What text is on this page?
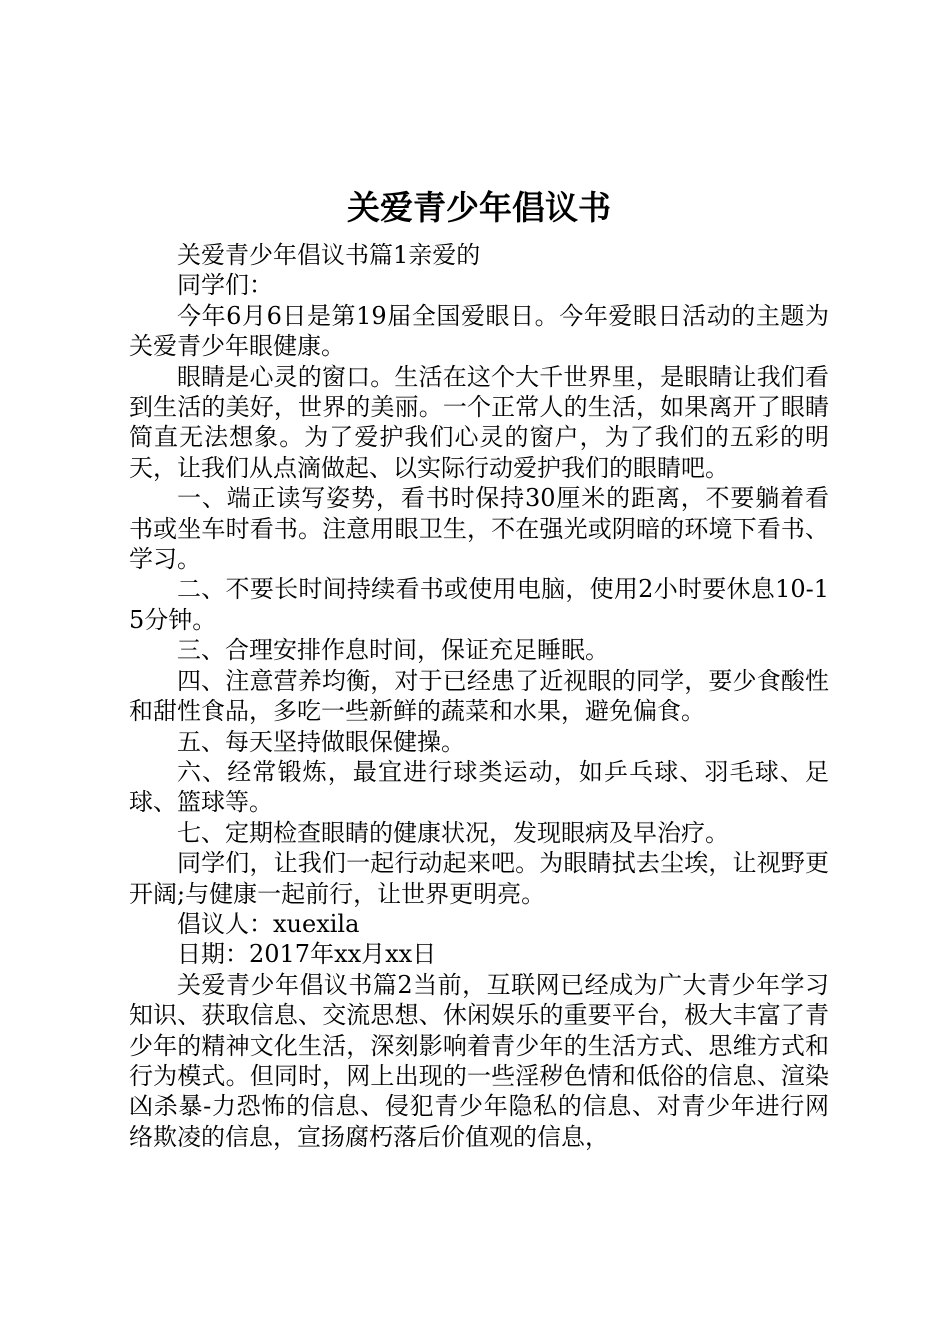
关爱青少年倡议书

关爱青少年倡议书篇1亲爱的

同学们：

今年6月6日是第19届全国爱眼日。今年爱眼日活动的主题为关爱青少年眼健康。

眼睛是心灵的窗口。生活在这个大千世界里，是眼睛让我们看到生活的美好，世界的美丽。一个正常人的生活，如果离开了眼睛简直无法想象。为了爱护我们心灵的窗户，为了我们的五彩的明天，让我们从点滴做起、以实际行动爱护我们的眼睛吧。

一、端正读写姿势，看书时保持30厘米的距离，不要躺着看书或坐车时看书。注意用眼卫生，不在强光或阴暗的环境下看书、学习。

二、不要长时间持续看书或使用电脑，使用2小时要休息10-15分钟。

三、合理安排作息时间，保证充足睡眠。

四、注意营养均衡，对于已经患了近视眼的同学，要少食酸性和甜性食品，多吃一些新鲜的蔬菜和水果，避免偏食。

五、每天坚持做眼保健操。

六、经常锻炼，最宜进行球类运动，如乒乓球、羽毛球、足球、篮球等。

七、定期检查眼睛的健康状况，发现眼病及早治疗。

同学们，让我们一起行动起来吧。为眼睛拭去尘埃，让视野更开阔;与健康一起前行，让世界更明亮。

倡议人：xuexila

日期：2017年xx月xx日

关爱青少年倡议书篇2当前，互联网已经成为广大青少年学习知识、获取信息、交流思想、休闲娱乐的重要平台，极大丰富了青少年的精神文化生活，深刻影响着青少年的生活方式、思维方式和行为模式。但同时，网上出现的一些淫秽色情和低俗的信息、渲染凶杀暴-力恐怖的信息、侵犯青少年隐私的信息、对青少年进行网络欺凌的信息，宣扬腐朽落后价值观的信息，
